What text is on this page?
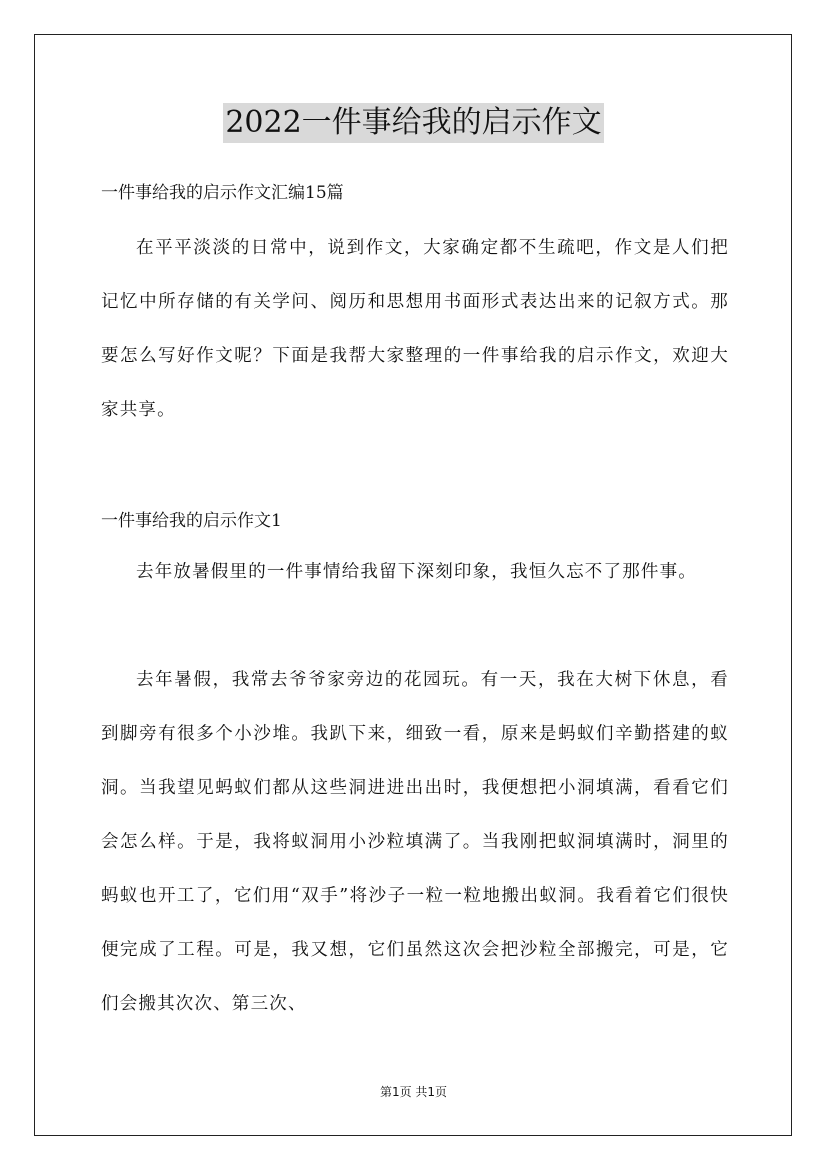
2022一件事给我的启示作文
一件事给我的启示作文汇编15篇

在平平淡淡的日常中，说到作文，大家确定都不生疏吧，作文是人们把记忆中所存储的有关学问、阅历和思想用书面形式表达出来的记叙方式。那要怎么写好作文呢？下面是我帮大家整理的一件事给我的启示作文，欢迎大家共享。

一件事给我的启示作文1

去年放暑假里的一件事情给我留下深刻印象，我恒久忘不了那件事。

去年暑假，我常去爷爷家旁边的花园玩。有一天，我在大树下休息，看到脚旁有很多个小沙堆。我趴下来，细致一看，原来是蚂蚁们辛勤搭建的蚁洞。当我望见蚂蚁们都从这些洞进进出出时，我便想把小洞填满，看看它们会怎么样。于是，我将蚁洞用小沙粒填满了。当我刚把蚁洞填满时，洞里的蚂蚁也开工了，它们用“双手”将沙子一粒一粒地搬出蚁洞。我看着它们很快便完成了工程。可是，我又想，它们虽然这次会把沙粒全部搬完，可是，它们会搬其次次、第三次、

第1页 共1页
